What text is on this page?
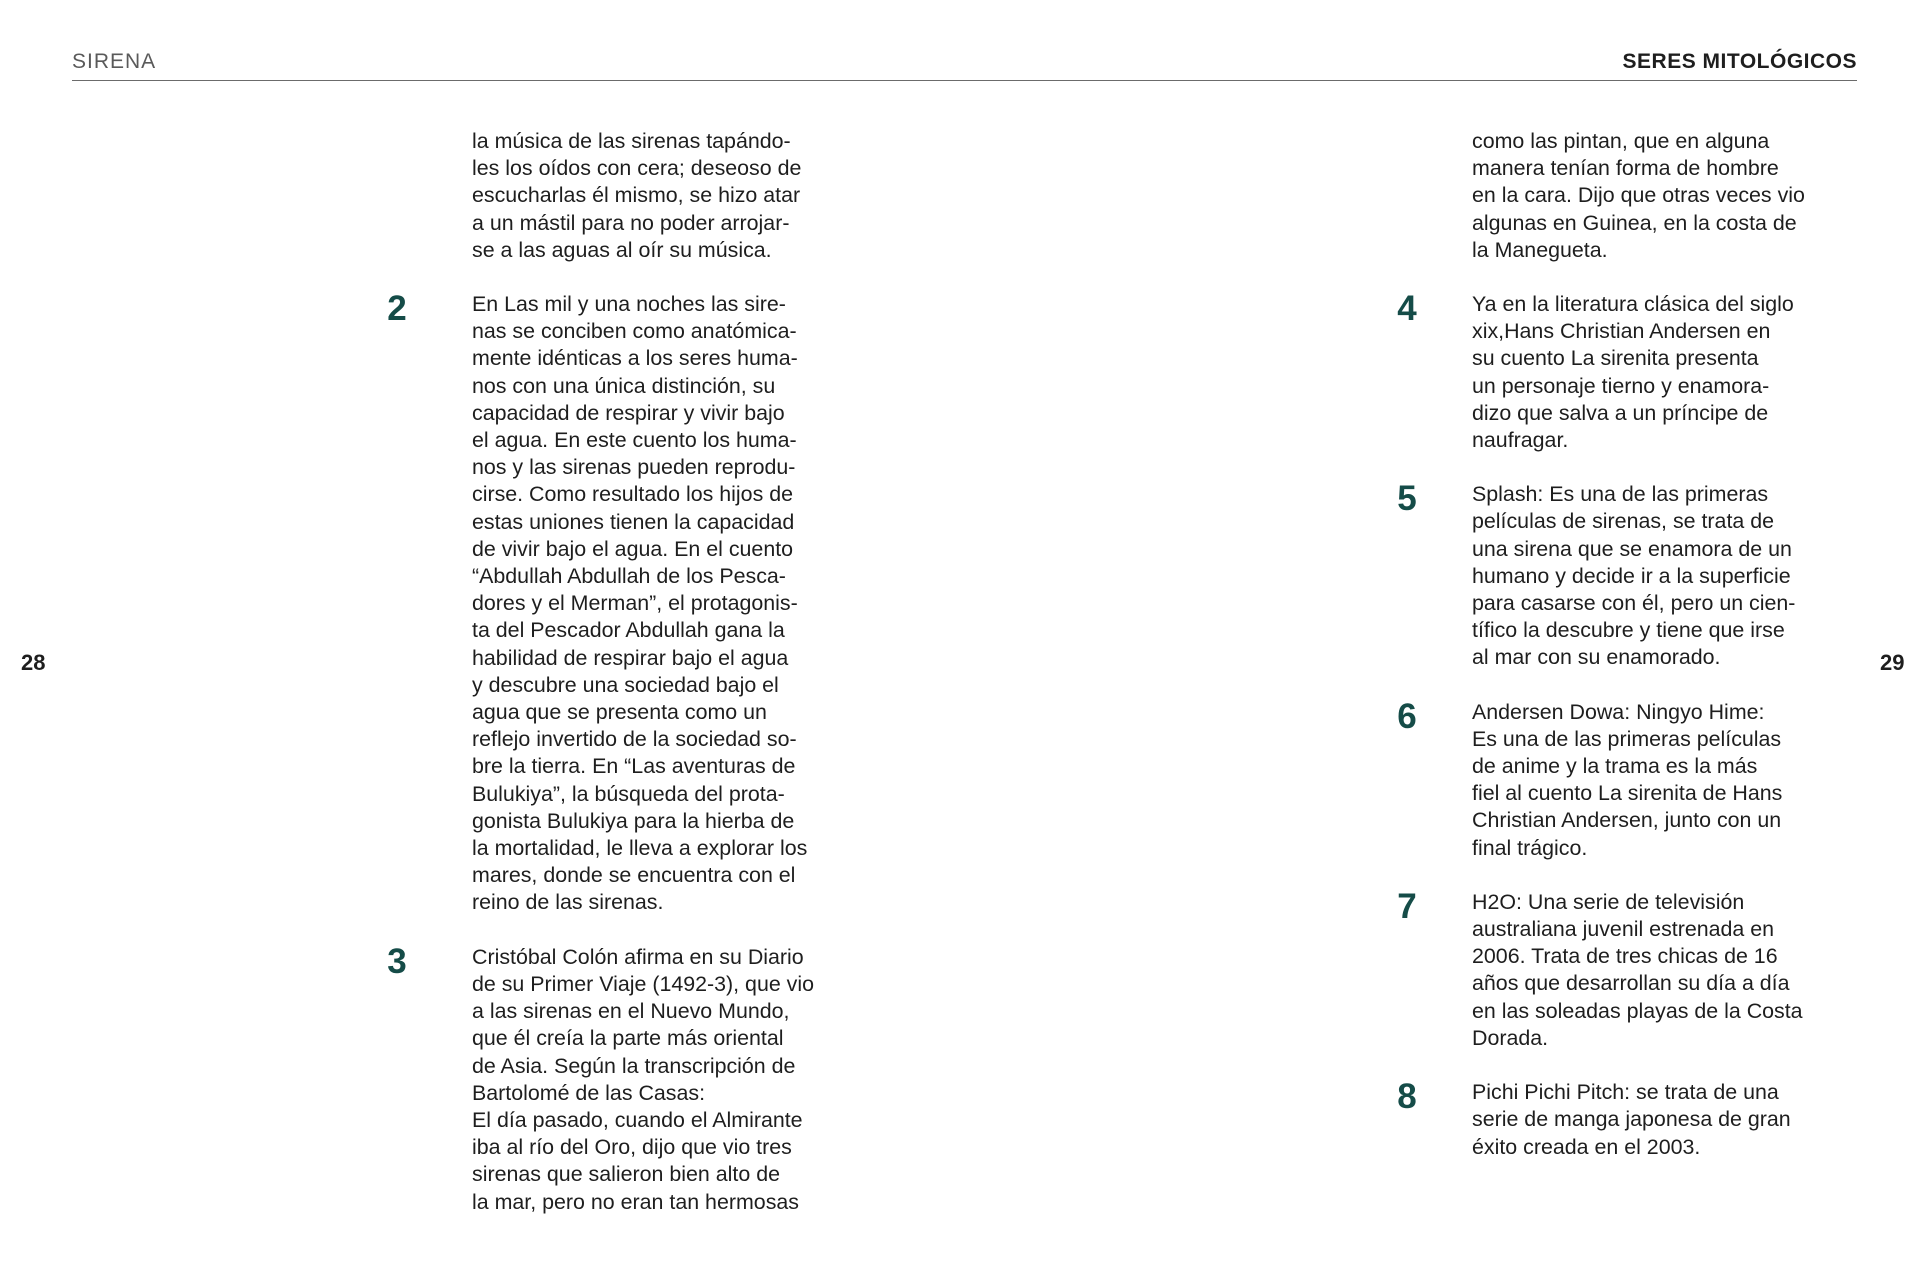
SIRENA	SERES MITOLÓGICOS
28	29

la música de las sirenas tapándo-
les los oídos con cera; deseoso de
escucharlas él mismo, se hizo atar
a un mástil para no poder arrojar-
se a las aguas al oír su música.

2	En Las mil y una noches las sire-
nas se conciben como anatómica-
mente idénticas a los seres huma-
nos con una única distinción, su
capacidad de respirar y vivir bajo
el agua. En este cuento los huma-
nos y las sirenas pueden reprodu-
cirse. Como resultado los hijos de
estas uniones tienen la capacidad
de vivir bajo el agua. En el cuento
“Abdullah Abdullah de los Pesca-
dores y el Merman”, el protagonis-
ta del Pescador Abdullah gana la
habilidad de respirar bajo el agua
y descubre una sociedad bajo el
agua que se presenta como un
reflejo invertido de la sociedad so-
bre la tierra. En “Las aventuras de
Bulukiya”, la búsqueda del prota-
gonista Bulukiya para la hierba de
la mortalidad, le lleva a explorar los
mares, donde se encuentra con el
reino de las sirenas.

3	Cristóbal Colón afirma en su Diario
de su Primer Viaje (1492-3), que vio
a las sirenas en el Nuevo Mundo,
que él creía la parte más oriental
de Asia. Según la transcripción de
Bartolomé de las Casas:
El día pasado, cuando el Almirante
iba al río del Oro, dijo que vio tres
sirenas que salieron bien alto de
la mar, pero no eran tan hermosas

como las pintan, que en alguna
manera tenían forma de hombre
en la cara. Dijo que otras veces vio
algunas en Guinea, en la costa de
la Manegueta.

4	Ya en la literatura clásica del siglo
xix,Hans Christian Andersen en
su cuento La sirenita presenta
un personaje tierno y enamora-
dizo que salva a un príncipe de
naufragar.

5	Splash: Es una de las primeras
películas de sirenas, se trata de
una sirena que se enamora de un
humano y decide ir a la superficie
para casarse con él, pero un cien-
tífico la descubre y tiene que irse
al mar con su enamorado.

6	Andersen Dowa: Ningyo Hime:
Es una de las primeras películas
de anime y la trama es la más
fiel al cuento La sirenita de Hans
Christian Andersen, junto con un
final trágico.

7	H2O: Una serie de televisión
australiana juvenil estrenada en
2006. Trata de tres chicas de 16
años que desarrollan su día a día
en las soleadas playas de la Costa
Dorada.

8	Pichi Pichi Pitch: se trata de una
serie de manga japonesa de gran
éxito creada en el 2003.
